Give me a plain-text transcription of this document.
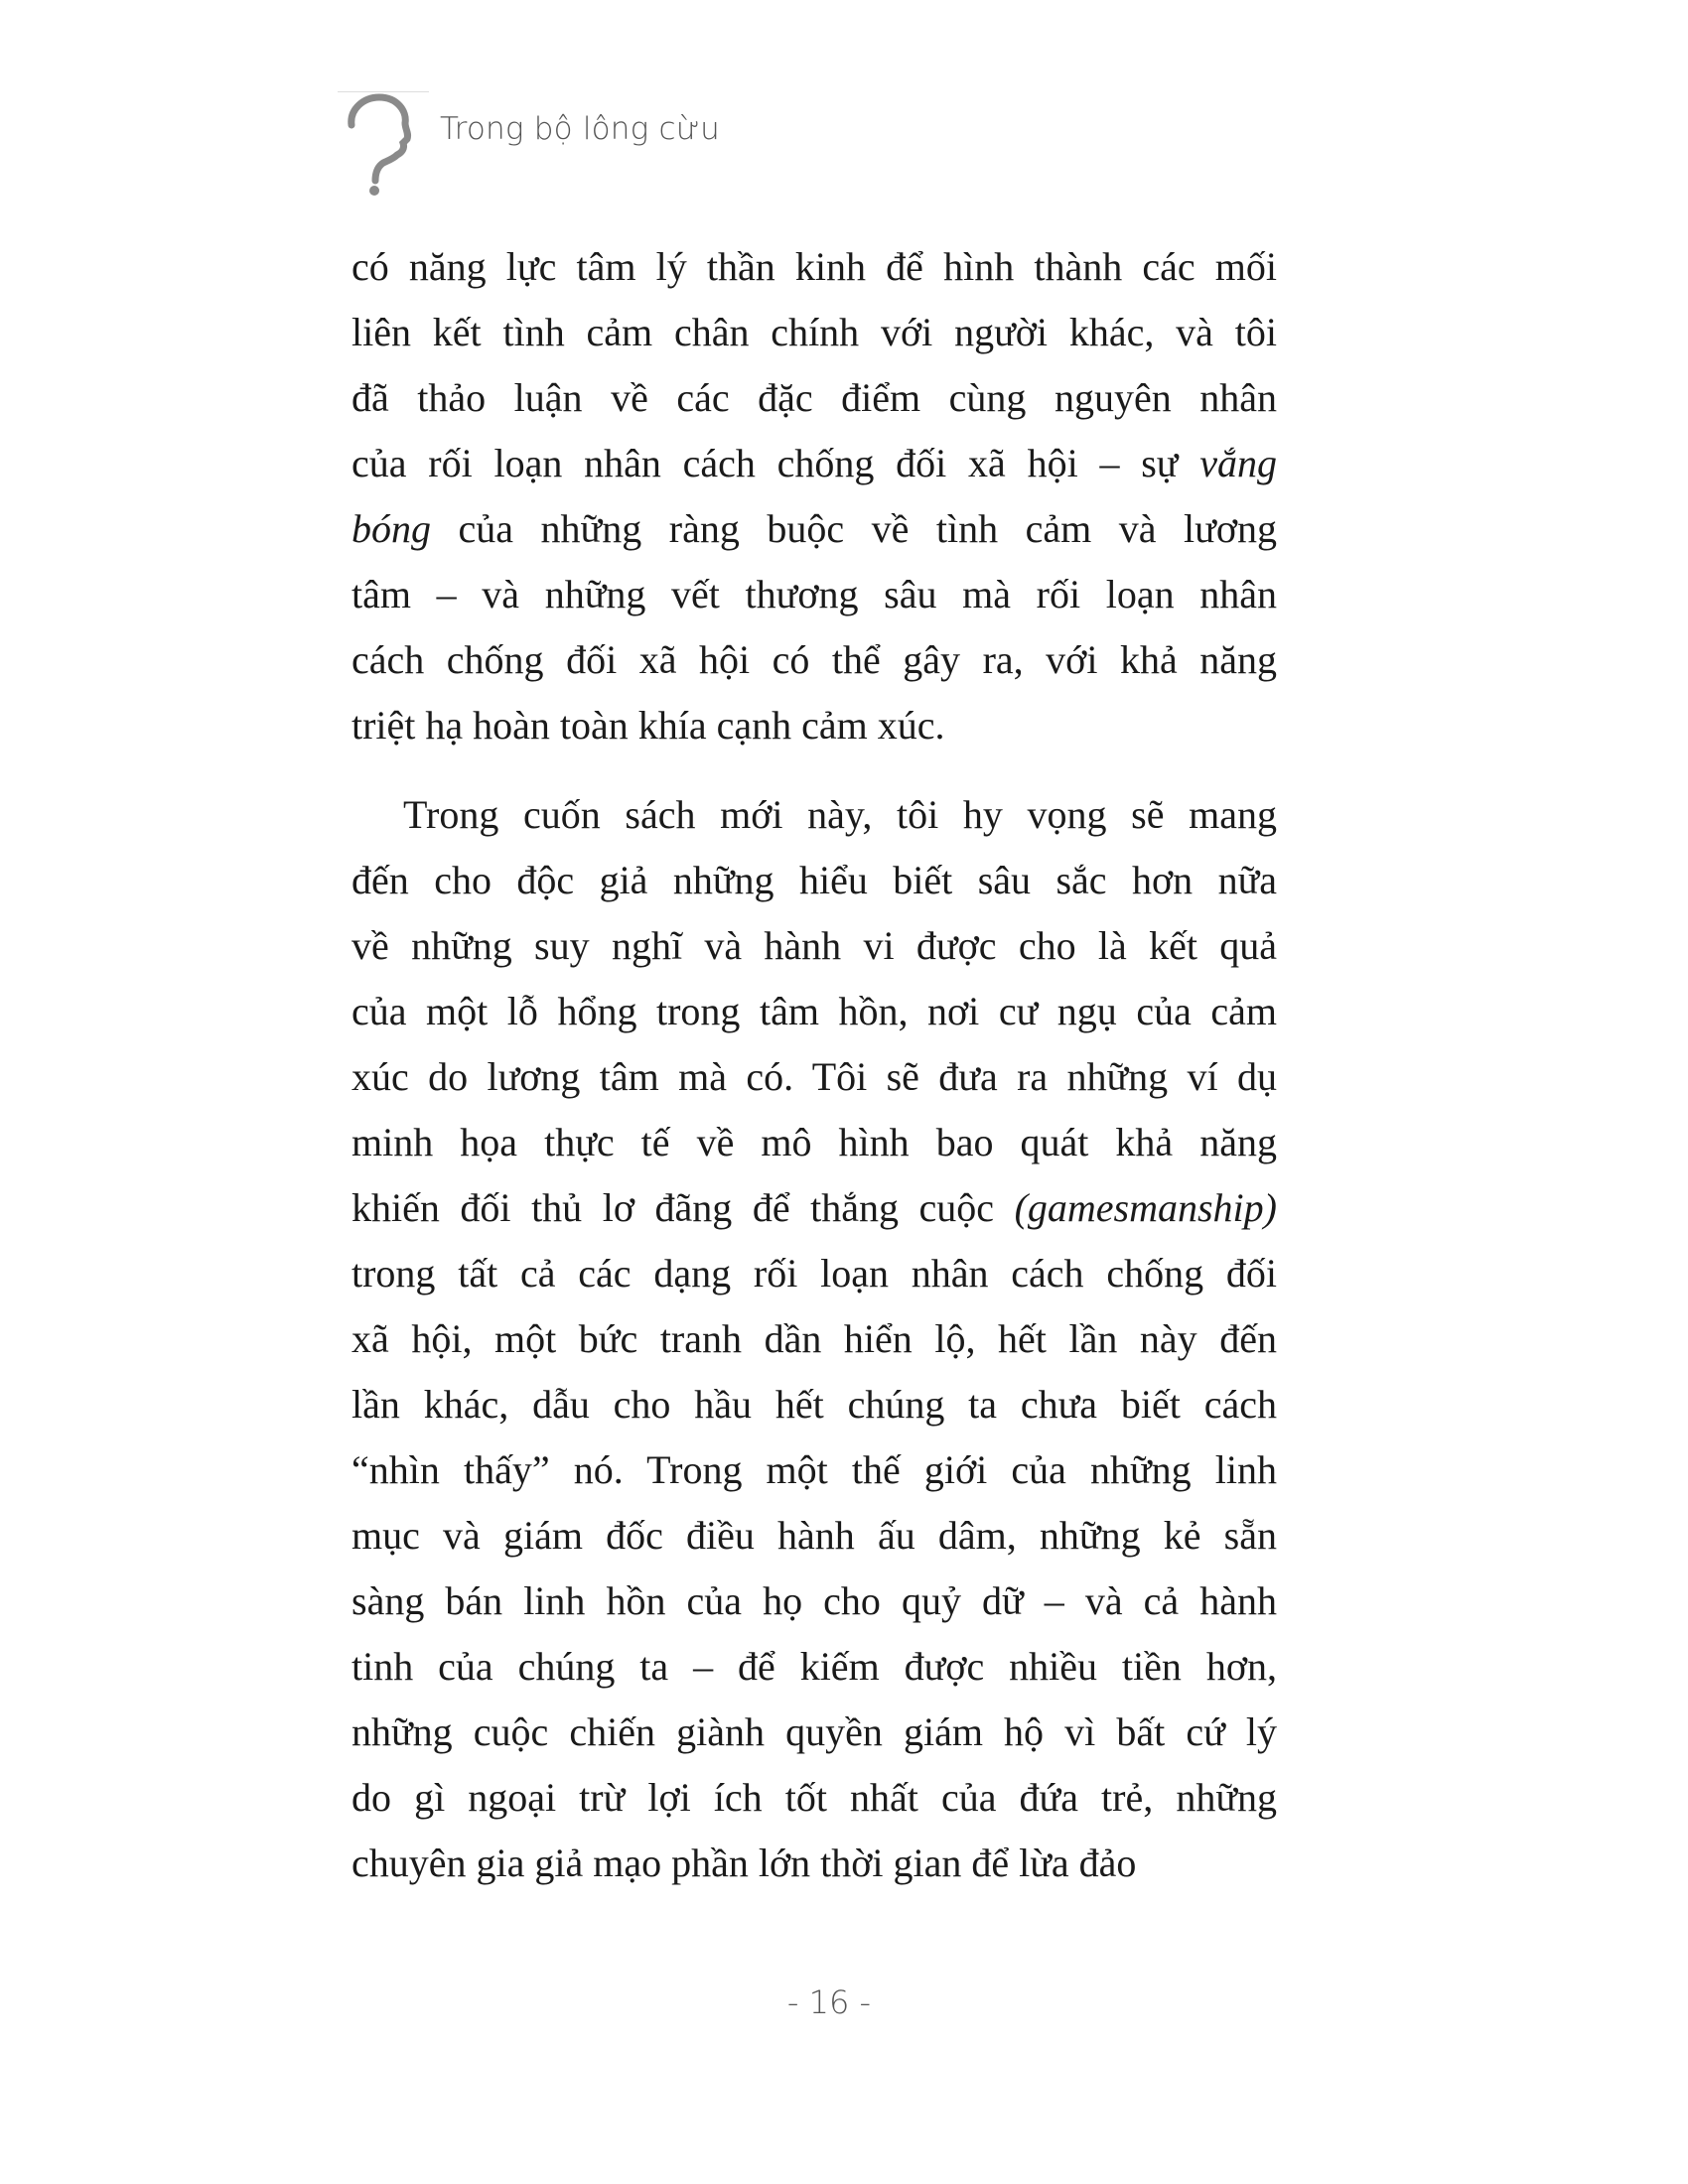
Trong bộ lông cừu
có năng lực tâm lý thần kinh để hình thành các mối
liên kết tình cảm chân chính với người khác, và tôi
đã thảo luận về các đặc điểm cùng nguyên nhân
của rối loạn nhân cách chống đối xã hội – sự vắng
bóng của những ràng buộc về tình cảm và lương
tâm – và những vết thương sâu mà rối loạn nhân
cách chống đối xã hội có thể gây ra, với khả năng
triệt hạ hoàn toàn khía cạnh cảm xúc.
Trong cuốn sách mới này, tôi hy vọng sẽ mang
đến cho độc giả những hiểu biết sâu sắc hơn nữa
về những suy nghĩ và hành vi được cho là kết quả
của một lỗ hổng trong tâm hồn, nơi cư ngụ của cảm
xúc do lương tâm mà có. Tôi sẽ đưa ra những ví dụ
minh họa thực tế về mô hình bao quát khả năng
khiến đối thủ lơ đãng để thắng cuộc (gamesmanship)
trong tất cả các dạng rối loạn nhân cách chống đối
xã hội, một bức tranh dần hiển lộ, hết lần này đến
lần khác, dẫu cho hầu hết chúng ta chưa biết cách
“nhìn thấy” nó. Trong một thế giới của những linh
mục và giám đốc điều hành ấu dâm, những kẻ sẵn
sàng bán linh hồn của họ cho quỷ dữ – và cả hành
tinh của chúng ta – để kiếm được nhiều tiền hơn,
những cuộc chiến giành quyền giám hộ vì bất cứ lý
do gì ngoại trừ lợi ích tốt nhất của đứa trẻ, những
chuyên gia giả mạo phần lớn thời gian để lừa đảo
- 16 -
